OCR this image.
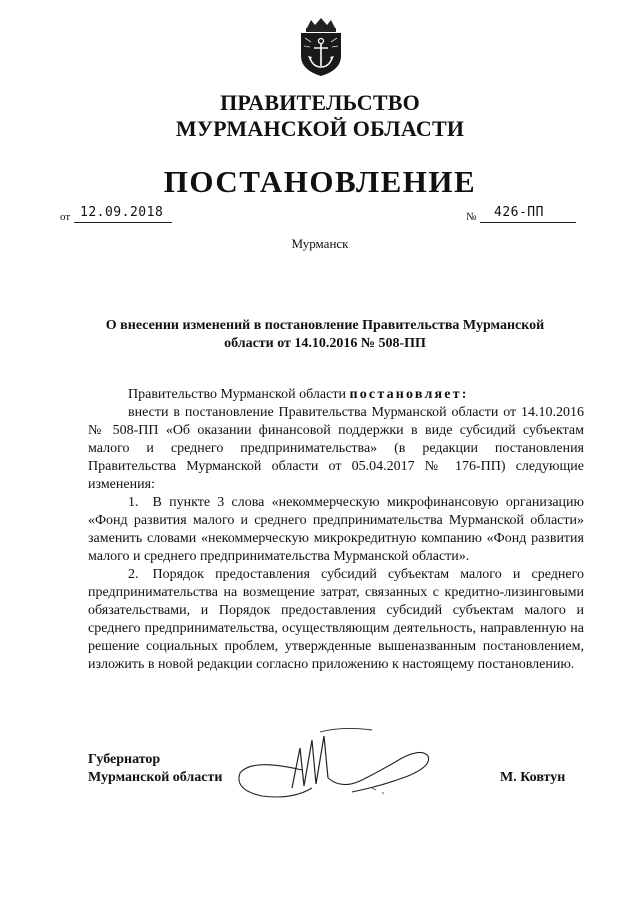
ПРАВИТЕЛЬСТВО
МУРМАНСКОЙ ОБЛАСТИ
ПОСТАНОВЛЕНИЕ
от 12.09.2018	№ 426-ПП
Мурманск
О внесении изменений в постановление Правительства Мурманской
области от 14.10.2016 № 508-ПП

Правительство Мурманской области постановляет:

внести в постановление Правительства Мурманской области от 14.10.2016 № 508-ПП «Об оказании финансовой поддержки в виде субсидий субъектам малого и среднего предпринимательства» (в редакции постановления Правительства Мурманской области от 05.04.2017 № 176-ПП) следующие изменения:

1. В пункте 3 слова «некоммерческую микрофинансовую организацию «Фонд развития малого и среднего предпринимательства Мурманской области» заменить словами «некоммерческую микрокредитную компанию «Фонд развития малого и среднего предпринимательства Мурманской области».

2. Порядок предоставления субсидий субъектам малого и среднего предпринимательства на возмещение затрат, связанных с кредитно-лизинговыми обязательствами, и Порядок предоставления субсидий субъектам малого и среднего предпринимательства, осуществляющим деятельность, направленную на решение социальных проблем, утвержденные вышеназванным постановлением, изложить в новой редакции согласно приложению к настоящему постановлению.

Губернатор
Мурманской области	М. Ковтун
